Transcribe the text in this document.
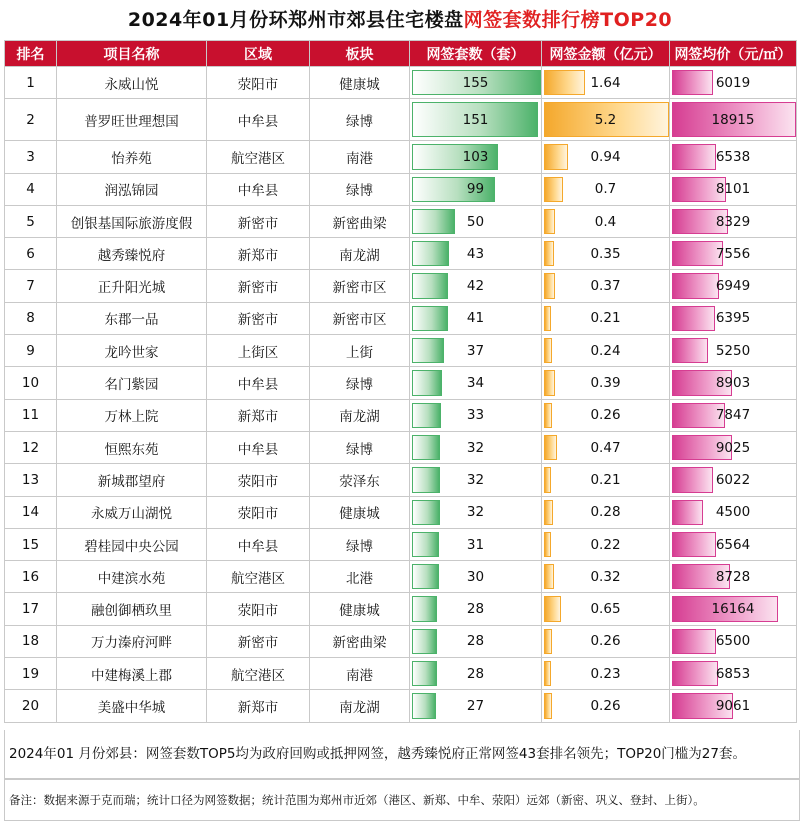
2024年01月份环郑州市郊县住宅楼盘网签套数排行榜TOP20
排名	项目名称	区域	板块	网签套数（套）	网签金额（亿元）	网签均价（元/㎡）
1	永威山悦	荥阳市	健康城	155	1.64	6019
2	普罗旺世理想国	中牟县	绿博	151	5.2	18915
3	怡养苑	航空港区	南港	103	0.94	6538
4	润泓锦园	中牟县	绿博	99	0.7	8101
5	创银基国际旅游度假	新密市	新密曲梁	50	0.4	8329
6	越秀臻悦府	新郑市	南龙湖	43	0.35	7556
7	正升阳光城	新密市	新密市区	42	0.37	6949
8	东郡一品	新密市	新密市区	41	0.21	6395
9	龙吟世家	上街区	上街	37	0.24	5250
10	名门紫园	中牟县	绿博	34	0.39	8903
11	万林上院	新郑市	南龙湖	33	0.26	7847
12	恒熙东苑	中牟县	绿博	32	0.47	9025
13	新城郡望府	荥阳市	荥泽东	32	0.21	6022
14	永威万山湖悦	荥阳市	健康城	32	0.28	4500
15	碧桂园中央公园	中牟县	绿博	31	0.22	6564
16	中建滨水苑	航空港区	北港	30	0.32	8728
17	融创御栖玖里	荥阳市	健康城	28	0.65	16164
18	万力溱府河畔	新密市	新密曲梁	28	0.26	6500
19	中建梅溪上郡	航空港区	南港	28	0.23	6853
20	美盛中华城	新郑市	南龙湖	27	0.26	9061
2024年01 月份郊县：网签套数TOP5均为政府回购或抵押网签，越秀臻悦府正常网签43套排名领先；TOP20门槛为27套。
备注：数据来源于克而瑞；统计口径为网签数据；统计范围为郑州市近郊（港区、新郑、中牟、荥阳）远郊（新密、巩义、登封、上街）。
